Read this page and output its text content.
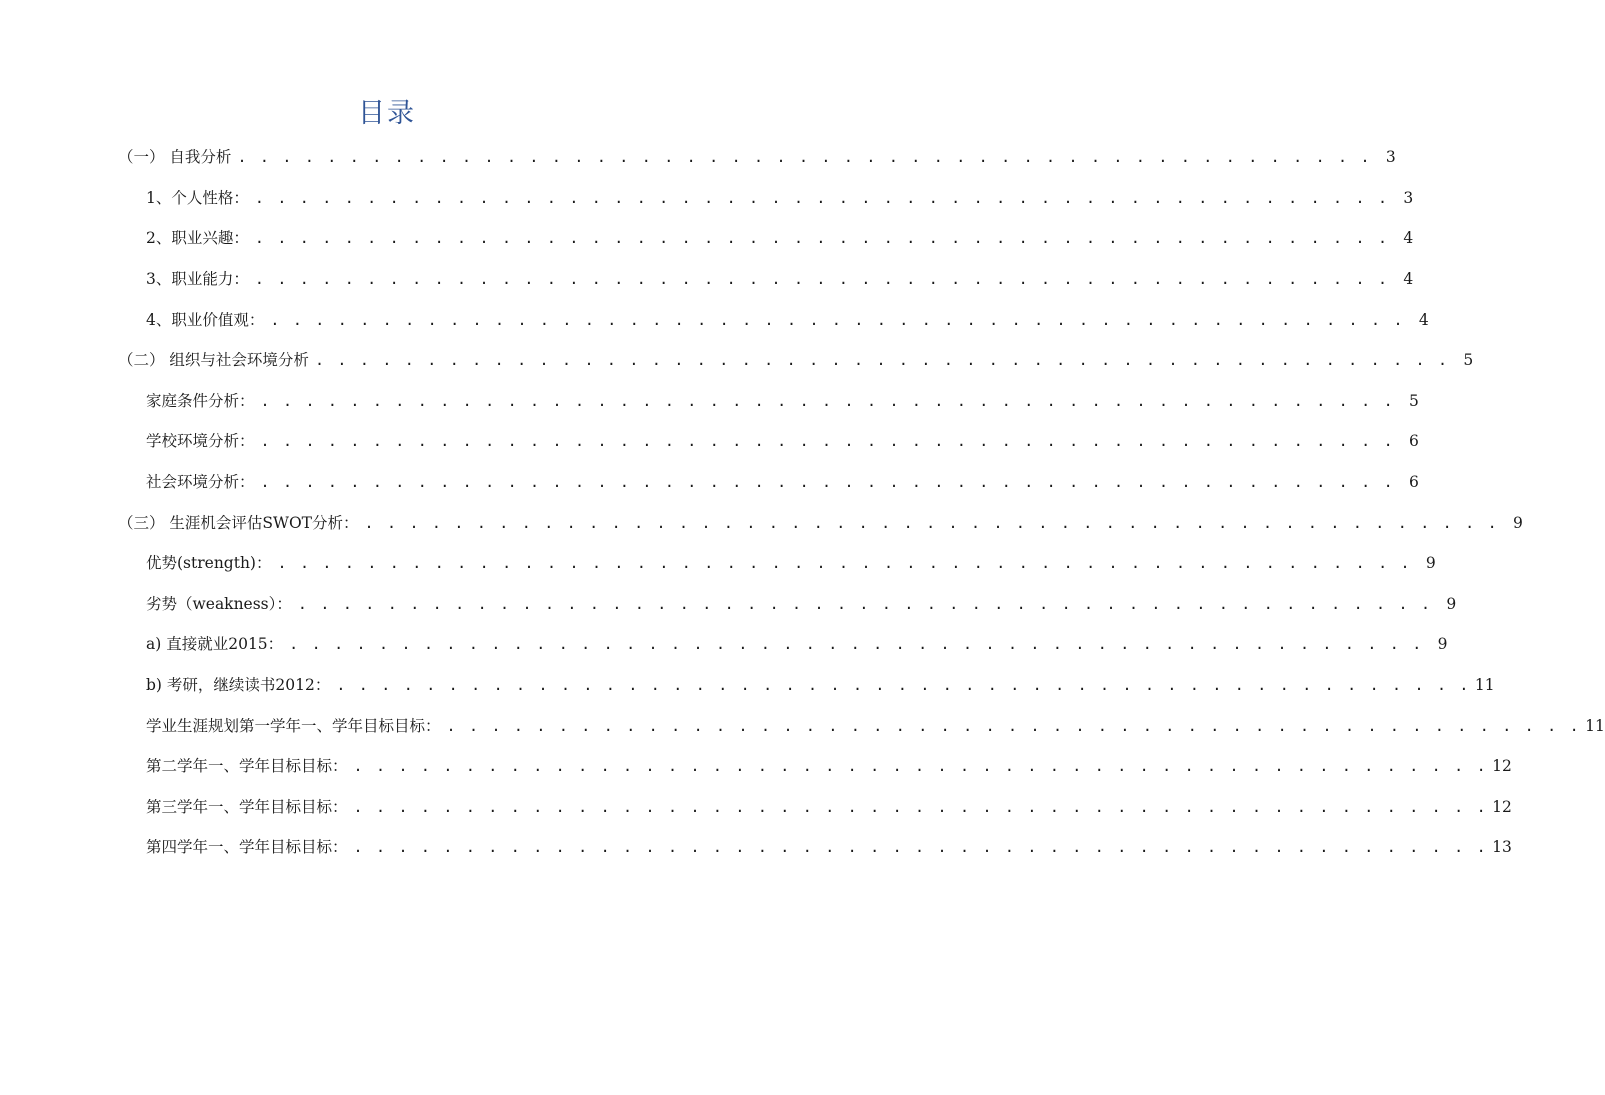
目录
（一） 自我分析 . . . . . . . . . . . . . . . . . . . . . . . . . . . . . . . . . . . . . . . . . . . . . . . . . . . 3
1、个人性格： . . . . . . . . . . . . . . . . . . . . . . . . . . . . . . . . . . . . . . . . . . . . . . . . . . . 3
2、职业兴趣： . . . . . . . . . . . . . . . . . . . . . . . . . . . . . . . . . . . . . . . . . . . . . . . . . . . 4
3、职业能力： . . . . . . . . . . . . . . . . . . . . . . . . . . . . . . . . . . . . . . . . . . . . . . . . . . . 4
4、职业价值观： . . . . . . . . . . . . . . . . . . . . . . . . . . . . . . . . . . . . . . . . . . . . . . . . . . . 4
（二） 组织与社会环境分析 . . . . . . . . . . . . . . . . . . . . . . . . . . . . . . . . . . . . . . . . . . . . . . . . . . . 5
家庭条件分析： . . . . . . . . . . . . . . . . . . . . . . . . . . . . . . . . . . . . . . . . . . . . . . . . . . . 5
学校环境分析： . . . . . . . . . . . . . . . . . . . . . . . . . . . . . . . . . . . . . . . . . . . . . . . . . . . 6
社会环境分析： . . . . . . . . . . . . . . . . . . . . . . . . . . . . . . . . . . . . . . . . . . . . . . . . . . . 6
（三） 生涯机会评估SWOT分析： . . . . . . . . . . . . . . . . . . . . . . . . . . . . . . . . . . . . . . . . . . . . . . . . . . . 9
优势(strength)： . . . . . . . . . . . . . . . . . . . . . . . . . . . . . . . . . . . . . . . . . . . . . . . . . . . 9
劣势（weakness）： . . . . . . . . . . . . . . . . . . . . . . . . . . . . . . . . . . . . . . . . . . . . . . . . . . . 9
a) 直接就业2015： . . . . . . . . . . . . . . . . . . . . . . . . . . . . . . . . . . . . . . . . . . . . . . . . . . . 9
b) 考研，继续读书2012： . . . . . . . . . . . . . . . . . . . . . . . . . . . . . . . . . . . . . . . . . . . . . . . . . . . 11
学业生涯规划第一学年一、学年目标目标： . . . . . . . . . . . . . . . . . . . . . . . . . . . . . . . . . . . . . . . . . . . . . . . . . . . 11
第二学年一、学年目标目标： . . . . . . . . . . . . . . . . . . . . . . . . . . . . . . . . . . . . . . . . . . . . . . . . . . . 12
第三学年一、学年目标目标： . . . . . . . . . . . . . . . . . . . . . . . . . . . . . . . . . . . . . . . . . . . . . . . . . . . 12
第四学年一、学年目标目标： . . . . . . . . . . . . . . . . . . . . . . . . . . . . . . . . . . . . . . . . . . . . . . . . . . . 13
